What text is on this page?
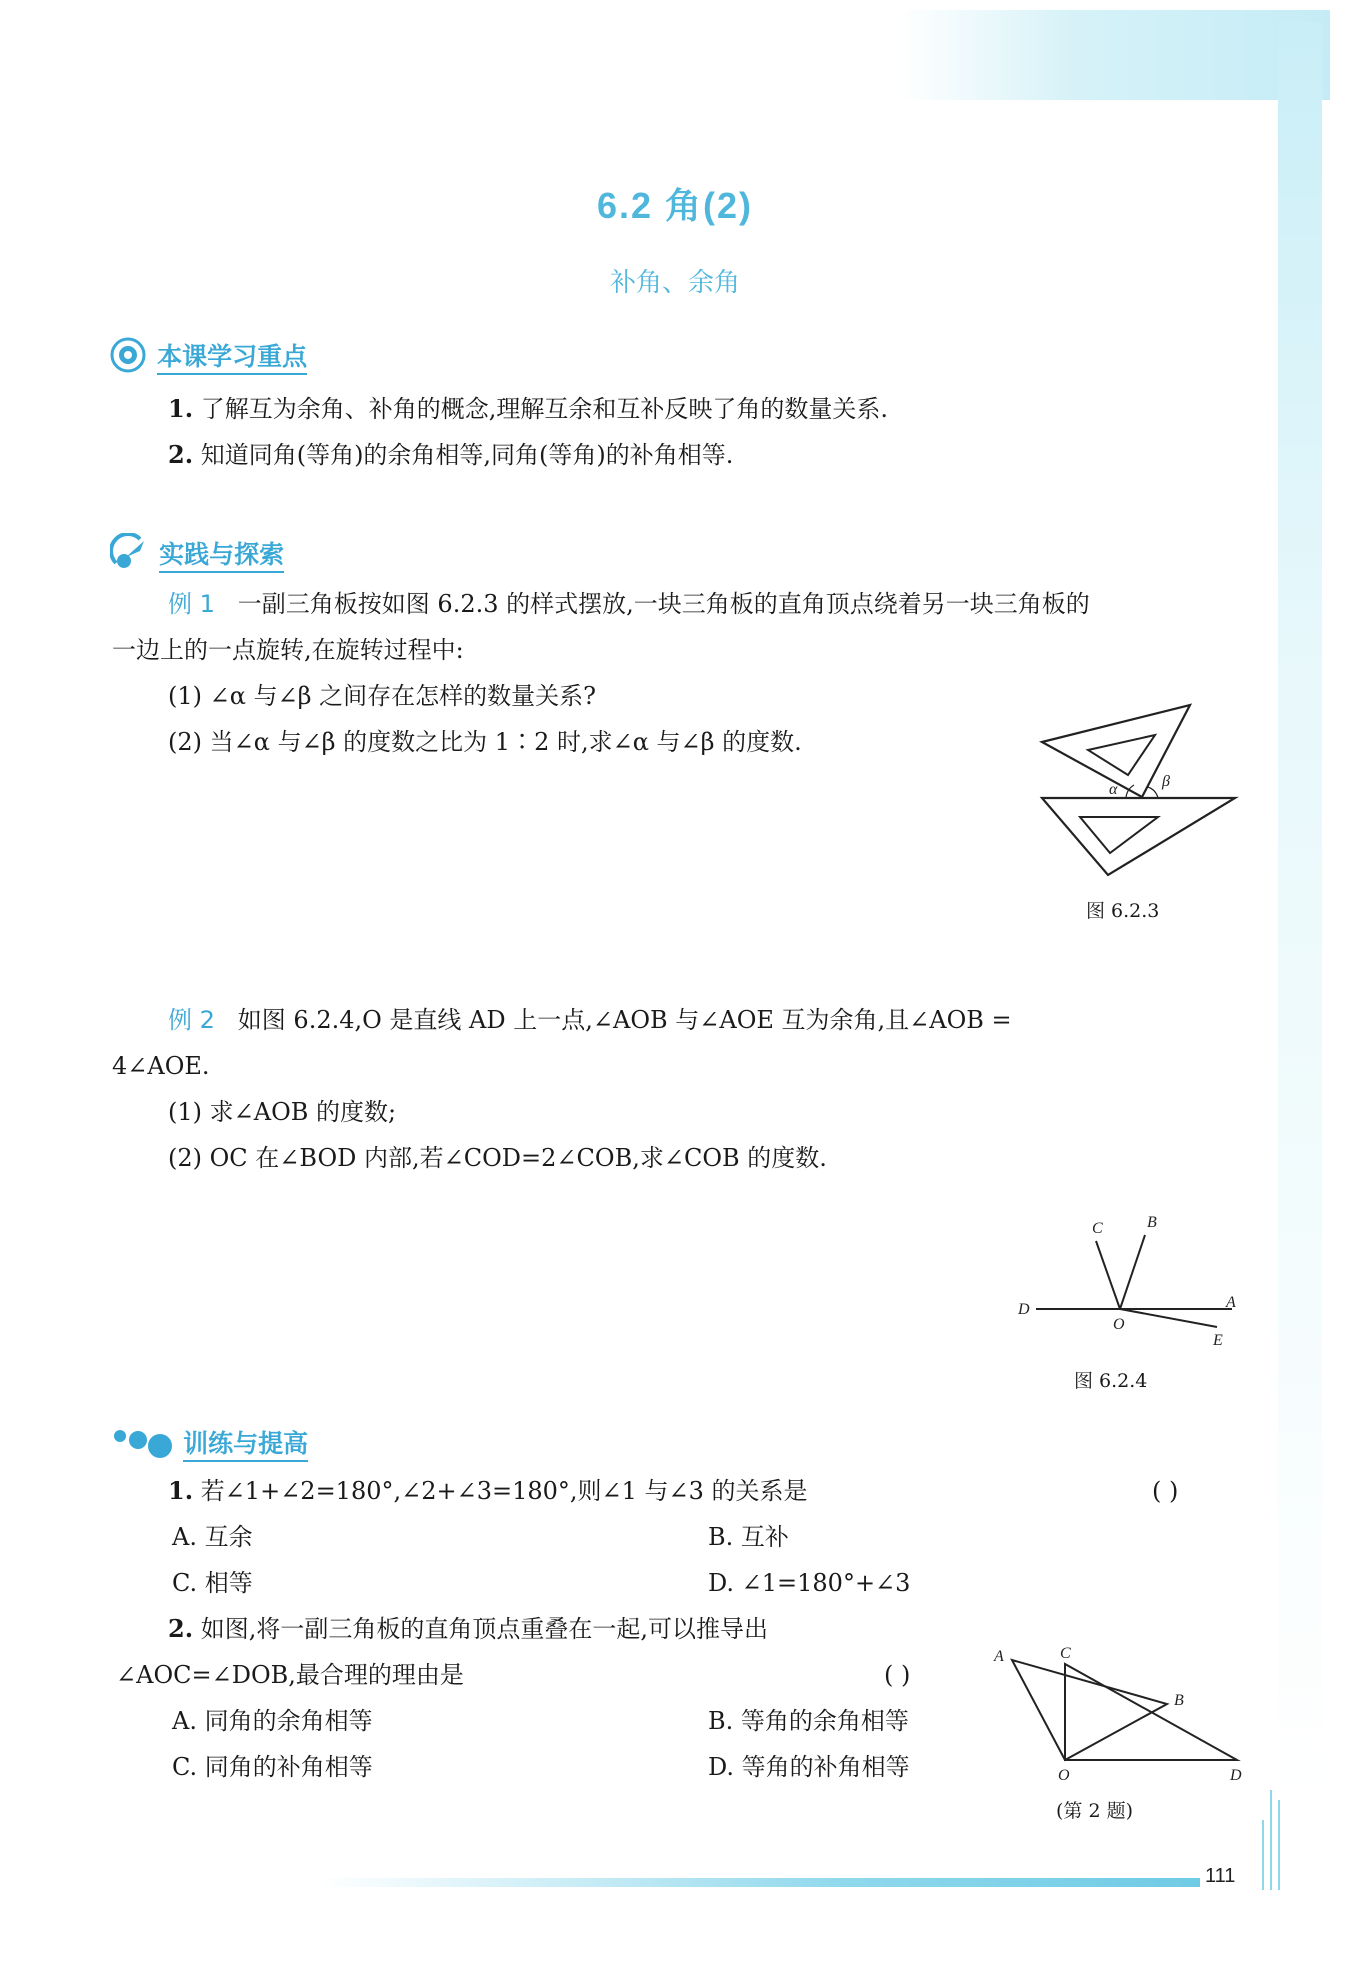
111
6.2 角(2)
补角、余角
本课学习重点
1. 了解互为余角、补角的概念,理解互余和互补反映了角的数量关系.
2. 知道同角(等角)的余角相等,同角(等角)的补角相等.
实践与探索
例 1 一副三角板按如图 6.2.3 的样式摆放,一块三角板的直角顶点绕着另一块三角板的
一边上的一点旋转,在旋转过程中:
(1) ∠α 与∠β 之间存在怎样的数量关系?
(2) 当∠α 与∠β 的度数之比为 1∶2 时,求∠α 与∠β 的度数.
α	β
图 6.2.3
例 2 如图 6.2.4,O 是直线 AD 上一点,∠AOB 与∠AOE 互为余角,且∠AOB =
4∠AOE.
(1) 求∠AOB 的度数;
(2) OC 在∠BOD 内部,若∠COD=2∠COB,求∠COB 的度数.
C	B
D
O
A
E
图 6.2.4
训练与提高
1. 若∠1+∠2=180°,∠2+∠3=180°,则∠1 与∠3 的关系是	( )
A. 互余	B. 互补
C. 相等	D. ∠1=180°+∠3
2. 如图,将一副三角板的直角顶点重叠在一起,可以推导出
∠AOC=∠DOB,最合理的理由是	( )
A. 同角的余角相等	B. 等角的余角相等
C. 同角的补角相等	D. 等角的补角相等
A	C
B
O	D
(第 2 题)
